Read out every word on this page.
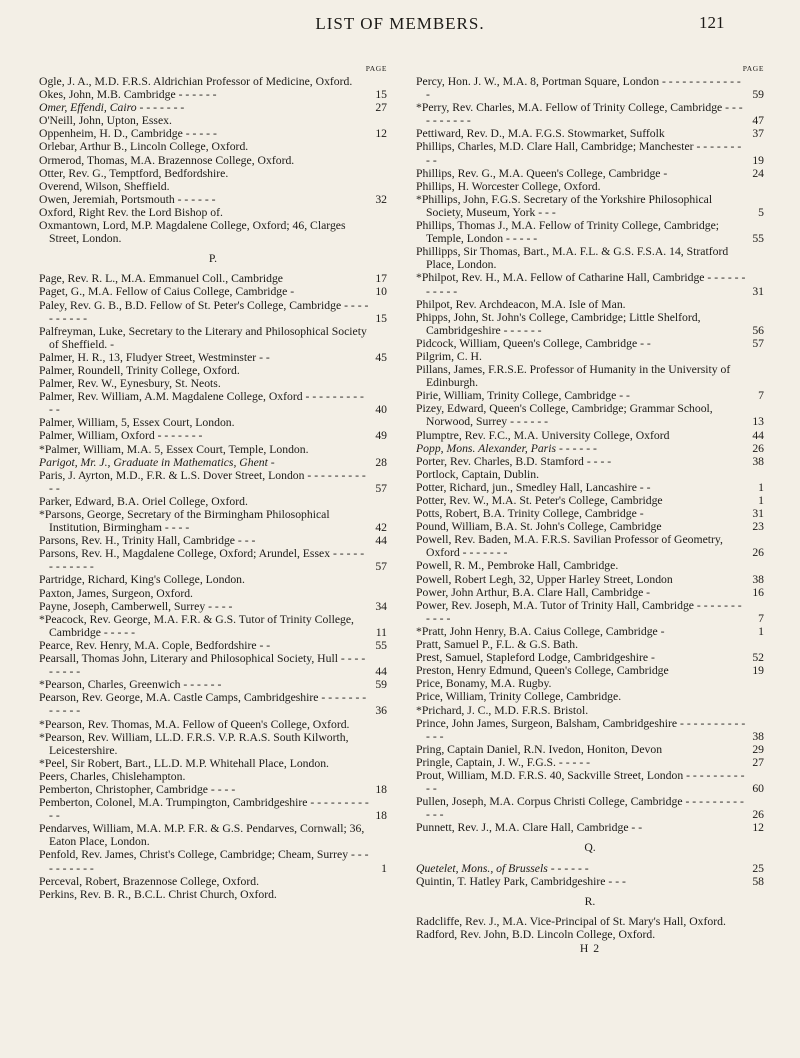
LIST OF MEMBERS.	121
PAGE
Ogle, J. A., M.D. F.R.S. Aldrichian Professor of Medicine, Oxford.
Okes, John, M.B. Cambridge - - - - - -	15
Omer, Effendi, Cairo - - - - - - -	27
O'Neill, John, Upton, Essex.
Oppenheim, H. D., Cambridge - - - - -	12
Orlebar, Arthur B., Lincoln College, Oxford.
Ormerod, Thomas, M.A. Brazennose College, Oxford.
Otter, Rev. G., Temptford, Bedfordshire.
Overend, Wilson, Sheffield.
Owen, Jeremiah, Portsmouth - - - - - -	32
Oxford, Right Rev. the Lord Bishop of.
Oxmantown, Lord, M.P. Magdalene College, Oxford; 46, Clarges Street, London.
P.
Page, Rev. R. L., M.A. Emmanuel Coll., Cambridge	17
Paget, G., M.A. Fellow of Caius College, Cambridge -	10
Paley, Rev. G. B., B.D. Fellow of St. Peter's College, Cambridge - - - - - - - - - -	15
Palfreyman, Luke, Secretary to the Literary and Philosophical Society of Sheffield. -
Palmer, H. R., 13, Fludyer Street, Westminster - -	45
Palmer, Roundell, Trinity College, Oxford.
Palmer, Rev. W., Eynesbury, St. Neots.
Palmer, Rev. William, A.M. Magdalene College, Oxford - - - - - - - - - - -	40
Palmer, William, 5, Essex Court, London.
Palmer, William, Oxford - - - - - - -	49
*Palmer, William, M.A. 5, Essex Court, Temple, London.
Parigot, Mr. J., Graduate in Mathematics, Ghent -	28
Paris, J. Ayrton, M.D., F.R. & L.S. Dover Street, London - - - - - - - - - - -	57
Parker, Edward, B.A. Oriel College, Oxford.
*Parsons, George, Secretary of the Birmingham Philosophical Institution, Birmingham - - - -	42
Parsons, Rev. H., Trinity Hall, Cambridge - - -	44
Parsons, Rev. H., Magdalene College, Oxford; Arundel, Essex - - - - - - - - - - - -	57
Partridge, Richard, King's College, London.
Paxton, James, Surgeon, Oxford.
Payne, Joseph, Camberwell, Surrey - - - -	34
*Peacock, Rev. George, M.A. F.R. & G.S. Tutor of Trinity College, Cambridge - - - - -	11
Pearce, Rev. Henry, M.A. Cople, Bedfordshire - -	55
Pearsall, Thomas John, Literary and Philosophical Society, Hull - - - - - - - - -	44
*Pearson, Charles, Greenwich - - - - - -	59
Pearson, Rev. George, M.A. Castle Camps, Cambridgeshire - - - - - - - - - - - -	36
*Pearson, Rev. Thomas, M.A. Fellow of Queen's College, Oxford.
*Pearson, Rev. William, LL.D. F.R.S. V.P. R.A.S. South Kilworth, Leicestershire.
*Peel, Sir Robert, Bart., LL.D. M.P. Whitehall Place, London.
Peers, Charles, Chislehampton.
Pemberton, Christopher, Cambridge - - - -	18
Pemberton, Colonel, M.A. Trumpington, Cambridgeshire - - - - - - - - - - -	18
Pendarves, William, M.A. M.P. F.R. & G.S. Pendarves, Cornwall; 36, Eaton Place, London.
Penfold, Rev. James, Christ's College, Cambridge; Cheam, Surrey - - - - - - - - - -	1
Perceval, Robert, Brazennose College, Oxford.
Perkins, Rev. B. R., B.C.L. Christ Church, Oxford.
PAGE
Percy, Hon. J. W., M.A. 8, Portman Square, London - - - - - - - - - - - - -	59
*Perry, Rev. Charles, M.A. Fellow of Trinity College, Cambridge - - - - - - - - - -	47
Pettiward, Rev. D., M.A. F.G.S. Stowmarket, Suffolk	37
Phillips, Charles, M.D. Clare Hall, Cambridge; Manchester - - - - - - - - -	19
Phillips, Rev. G., M.A. Queen's College, Cambridge -	24
Phillips, H. Worcester College, Oxford.
*Phillips, John, F.G.S. Secretary of the Yorkshire Philosophical Society, Museum, York - - -	5
Phillips, Thomas J., M.A. Fellow of Trinity College, Cambridge; Temple, London - - - - -	55
Phillipps, Sir Thomas, Bart., M.A. F.L. & G.S. F.S.A. 14, Stratford Place, London.
*Philpot, Rev. H., M.A. Fellow of Catharine Hall, Cambridge - - - - - - - - - - -	31
Philpot, Rev. Archdeacon, M.A. Isle of Man.
Phipps, John, St. John's College, Cambridge; Little Shelford, Cambridgeshire - - - - - -	56
Pidcock, William, Queen's College, Cambridge - -	57
Pilgrim, C. H.
Pillans, James, F.R.S.E. Professor of Humanity in the University of Edinburgh.
Pirie, William, Trinity College, Cambridge - -	7
Pizey, Edward, Queen's College, Cambridge; Grammar School, Norwood, Surrey - - - - - -	13
Plumptre, Rev. F.C., M.A. University College, Oxford	44
Popp, Mons. Alexander, Paris - - - - - -	26
Porter, Rev. Charles, B.D. Stamford - - - -	38
Portlock, Captain, Dublin.
Potter, Richard, jun., Smedley Hall, Lancashire - -	1
Potter, Rev. W., M.A. St. Peter's College, Cambridge	1
Potts, Robert, B.A. Trinity College, Cambridge -	31
Pound, William, B.A. St. John's College, Cambridge	23
Powell, Rev. Baden, M.A. F.R.S. Savilian Professor of Geometry, Oxford - - - - - - -	26
Powell, R. M., Pembroke Hall, Cambridge.
Powell, Robert Legh, 32, Upper Harley Street, London	38
Power, John Arthur, B.A. Clare Hall, Cambridge -	16
Power, Rev. Joseph, M.A. Tutor of Trinity Hall, Cambridge - - - - - - - - - - -	7
*Pratt, John Henry, B.A. Caius College, Cambridge -	1
Pratt, Samuel P., F.L. & G.S. Bath.
Prest, Samuel, Stapleford Lodge, Cambridgeshire -	52
Preston, Henry Edmund, Queen's College, Cambridge	19
Price, Bonamy, M.A. Rugby.
Price, William, Trinity College, Cambridge.
*Prichard, J. C., M.D. F.R.S. Bristol.
Prince, John James, Surgeon, Balsham, Cambridgeshire - - - - - - - - - - - - -	38
Pring, Captain Daniel, R.N. Ivedon, Honiton, Devon	29
Pringle, Captain, J. W., F.G.S. - - - - -	27
Prout, William, M.D. F.R.S. 40, Sackville Street, London - - - - - - - - - - -	60
Pullen, Joseph, M.A. Corpus Christi College, Cambridge - - - - - - - - - - - -	26
Punnett, Rev. J., M.A. Clare Hall, Cambridge - -	12
Q.
Quetelet, Mons., of Brussels - - - - - -	25
Quintin, T. Hatley Park, Cambridgeshire - - -	58
R.
Radcliffe, Rev. J., M.A. Vice-Principal of St. Mary's Hall, Oxford.
Radford, Rev. John, B.D. Lincoln College, Oxford.
H 2
